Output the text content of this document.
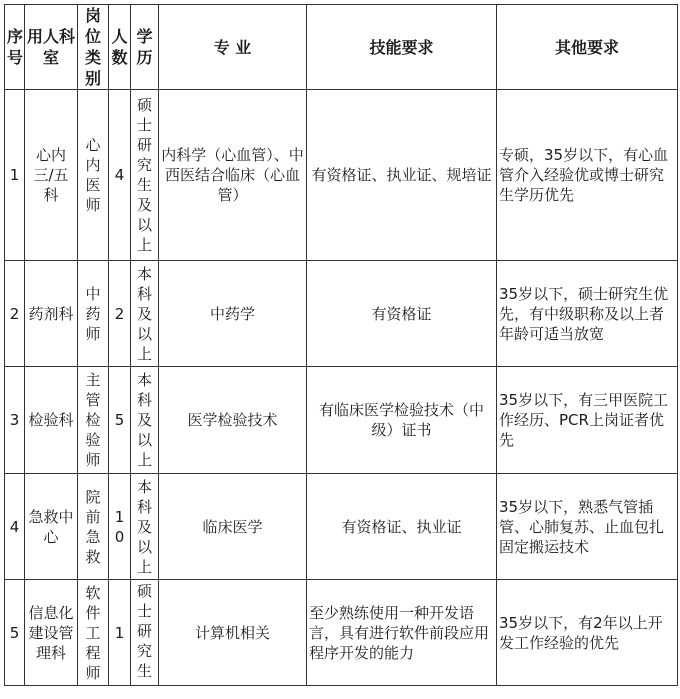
序号	用人科室	岗位类别	人数	学历	专 业	技能要求	其他要求
1	心内三/五科	心内医师	4	硕士研究生及以上	内科学（心血管）、中西医结合临床（心血管）	有资格证、执业证、规培证	专硕，35岁以下，有心血管介入经验优或博士研究生学历优先
2	药剂科	中药师	2	本科及以上	中药学	有资格证	35岁以下，硕士研究生优先，有中级职称及以上者年龄可适当放宽
3	检验科	主管检验师	5	本科及以上	医学检验技术	有临床医学检验技术（中级）证书	35岁以下，有三甲医院工作经历、PCR上岗证者优先
4	急救中心	院前急救	10	本科及以上	临床医学	有资格证、执业证	35岁以下，熟悉气管插管、心肺复苏、止血包扎固定搬运技术
5	信息化建设管理科	软件工程师	1	硕士研究生	计算机相关	至少熟练使用一种开发语言，具有进行软件前段应用程序开发的能力	35岁以下，有2年以上开发工作经验的优先
